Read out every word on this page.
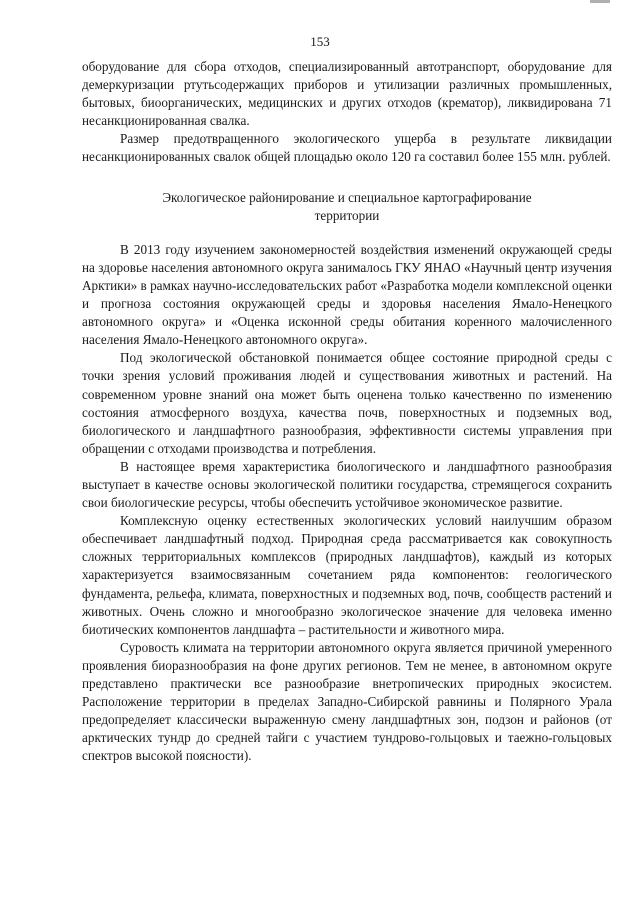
153

оборудование для сбора отходов, специализированный автотранспорт, оборудование для демеркуризации ртутьсодержащих приборов и утилизации различных промышленных, бытовых, биоорганических, медицинских и других отходов (крематор), ликвидирована 71 несанкционированная свалка.

Размер предотвращенного экологического ущерба в результате ликвидации несанкционированных свалок общей площадью около 120 га составил более 155 млн. рублей.

Экологическое районирование и специальное картографирование
территории

В 2013 году изучением закономерностей воздействия изменений окружающей среды на здоровье населения автономного округа занималось ГКУ ЯНАО «Научный центр изучения Арктики» в рамках научно-исследовательских работ «Разработка модели комплексной оценки и прогноза состояния окружающей среды и здоровья населения Ямало-Ненецкого автономного округа» и «Оценка исконной среды обитания коренного малочисленного населения Ямало-Ненецкого автономного округа».

Под экологической обстановкой понимается общее состояние природной среды с точки зрения условий проживания людей и существования животных и растений. На современном уровне знаний она может быть оценена только качественно по изменению состояния атмосферного воздуха, качества почв, поверхностных и подземных вод, биологического и ландшафтного разнообразия, эффективности системы управления при обращении с отходами производства и потребления.

В настоящее время характеристика биологического и ландшафтного разнообразия выступает в качестве основы экологической политики государства, стремящегося сохранить свои биологические ресурсы, чтобы обеспечить устойчивое экономическое развитие.

Комплексную оценку естественных экологических условий наилучшим образом обеспечивает ландшафтный подход. Природная среда рассматривается как совокупность сложных территориальных комплексов (природных ландшафтов), каждый из которых характеризуется взаимосвязанным сочетанием ряда компонентов: геологического фундамента, рельефа, климата, поверхностных и подземных вод, почв, сообществ растений и животных. Очень сложно и многообразно экологическое значение для человека именно биотических компонентов ландшафта – растительности и животного мира.

Суровость климата на территории автономного округа является причиной умеренного проявления биоразнообразия на фоне других регионов. Тем не менее, в автономном округе представлено практически все разнообразие внетропических природных экосистем. Расположение территории в пределах Западно-Сибирской равнины и Полярного Урала предопределяет классически выраженную смену ландшафтных зон, подзон и районов (от арктических тундр до средней тайги с участием тундрово-гольцовых и таежно-гольцовых спектров высокой поясности).
